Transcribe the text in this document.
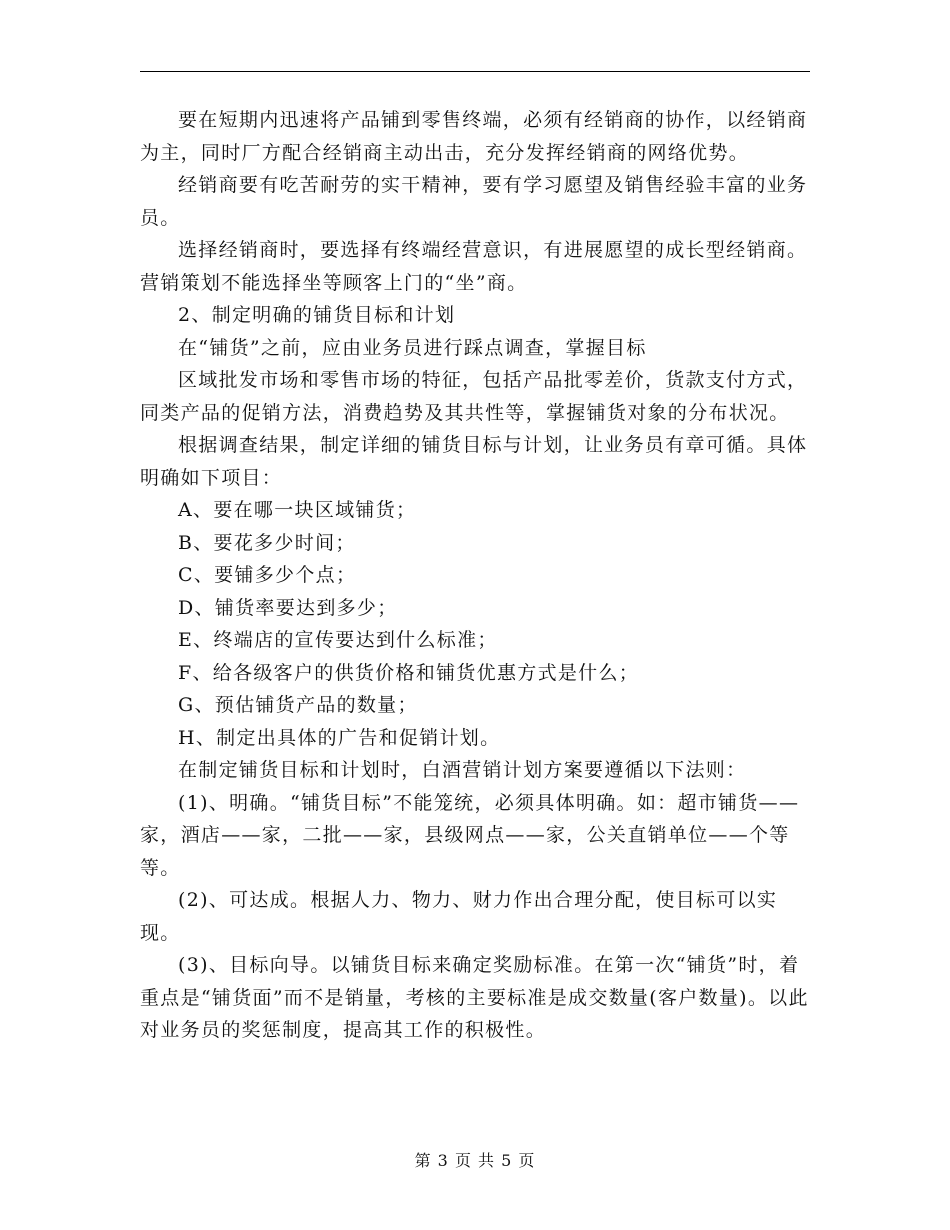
要在短期内迅速将产品铺到零售终端，必须有经销商的协作，以经销商为主，同时厂方配合经销商主动出击，充分发挥经销商的网络优势。

经销商要有吃苦耐劳的实干精神，要有学习愿望及销售经验丰富的业务员。

选择经销商时，要选择有终端经营意识，有进展愿望的成长型经销商。营销策划不能选择坐等顾客上门的“坐”商。

2、制定明确的铺货目标和计划

在“铺货”之前，应由业务员进行踩点调查，掌握目标

区域批发市场和零售市场的特征，包括产品批零差价，货款支付方式，同类产品的促销方法，消费趋势及其共性等，掌握铺货对象的分布状况。

根据调查结果，制定详细的铺货目标与计划，让业务员有章可循。具体明确如下项目：

A、要在哪一块区域铺货；

B、要花多少时间；

C、要铺多少个点；

D、铺货率要达到多少；

E、终端店的宣传要达到什么标准；

F、给各级客户的供货价格和铺货优惠方式是什么；

G、预估铺货产品的数量；

H、制定出具体的广告和促销计划。

在制定铺货目标和计划时，白酒营销计划方案要遵循以下法则：

(1)、明确。“铺货目标”不能笼统，必须具体明确。如：超市铺货——家，酒店——家，二批——家，县级网点——家，公关直销单位——个等等。

(2)、可达成。根据人力、物力、财力作出合理分配，使目标可以实现。

(3)、目标向导。以铺货目标来确定奖励标准。在第一次“铺货”时，着重点是“铺货面”而不是销量，考核的主要标准是成交数量(客户数量)。以此对业务员的奖惩制度，提高其工作的积极性。

第 3 页 共 5 页
